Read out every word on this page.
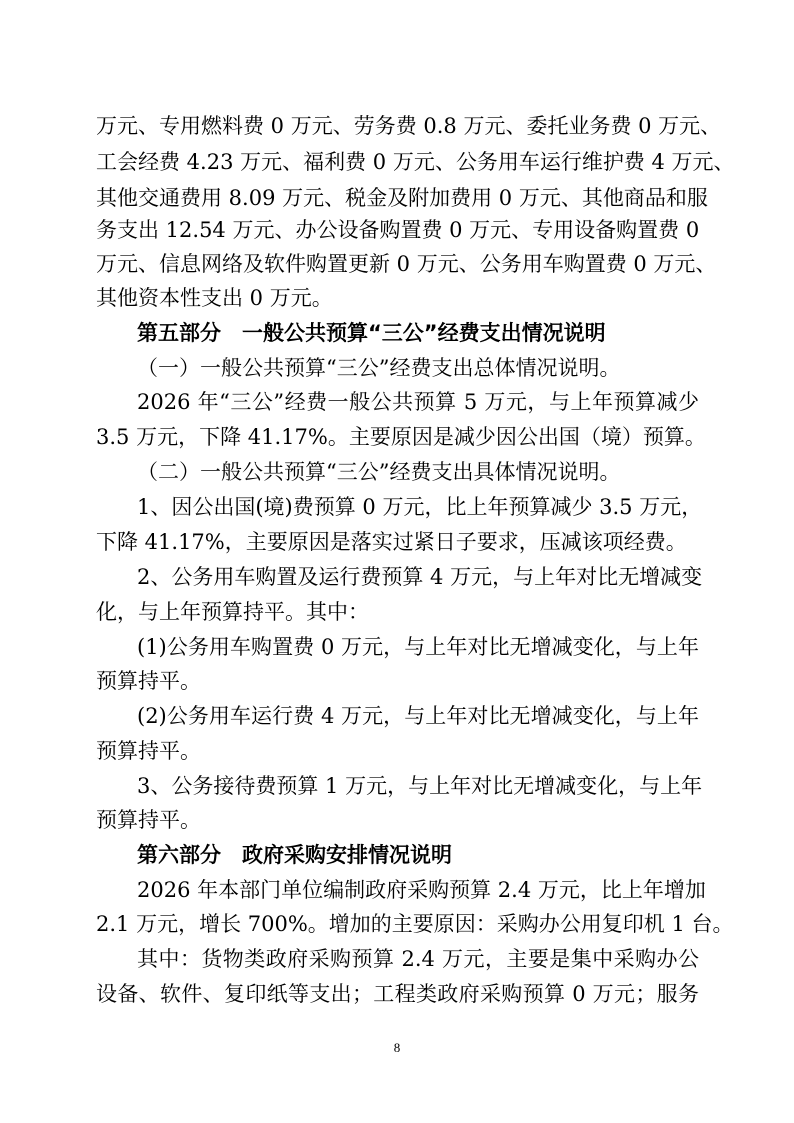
万元、专用燃料费 0 万元、劳务费 0.8 万元、委托业务费 0 万元、
工会经费 4.23 万元、福利费 0 万元、公务用车运行维护费 4 万元、
其他交通费用 8.09 万元、税金及附加费用 0 万元、其他商品和服
务支出 12.54 万元、办公设备购置费 0 万元、专用设备购置费 0
万元、信息网络及软件购置更新 0 万元、公务用车购置费 0 万元、
其他资本性支出 0 万元。
第五部分　一般公共预算“三公”经费支出情况说明
（一）一般公共预算“三公”经费支出总体情况说明。
2026 年“三公”经费一般公共预算 5 万元，与上年预算减少
3.5 万元，下降 41.17%。主要原因是减少因公出国（境）预算。
（二）一般公共预算“三公”经费支出具体情况说明。
1、因公出国(境)费预算 0 万元，比上年预算减少 3.5 万元，
下降 41.17%，主要原因是落实过紧日子要求，压减该项经费。
2、公务用车购置及运行费预算 4 万元，与上年对比无增减变
化，与上年预算持平。其中：
(1)公务用车购置费 0 万元，与上年对比无增减变化，与上年
预算持平。
(2)公务用车运行费 4 万元，与上年对比无增减变化，与上年
预算持平。
3、公务接待费预算 1 万元，与上年对比无增减变化，与上年
预算持平。
第六部分　政府采购安排情况说明
2026 年本部门单位编制政府采购预算 2.4 万元，比上年增加
2.1 万元，增长 700%。增加的主要原因：采购办公用复印机 1 台。
其中：货物类政府采购预算 2.4 万元，主要是集中采购办公
设备、软件、复印纸等支出；工程类政府采购预算 0 万元；服务
8
